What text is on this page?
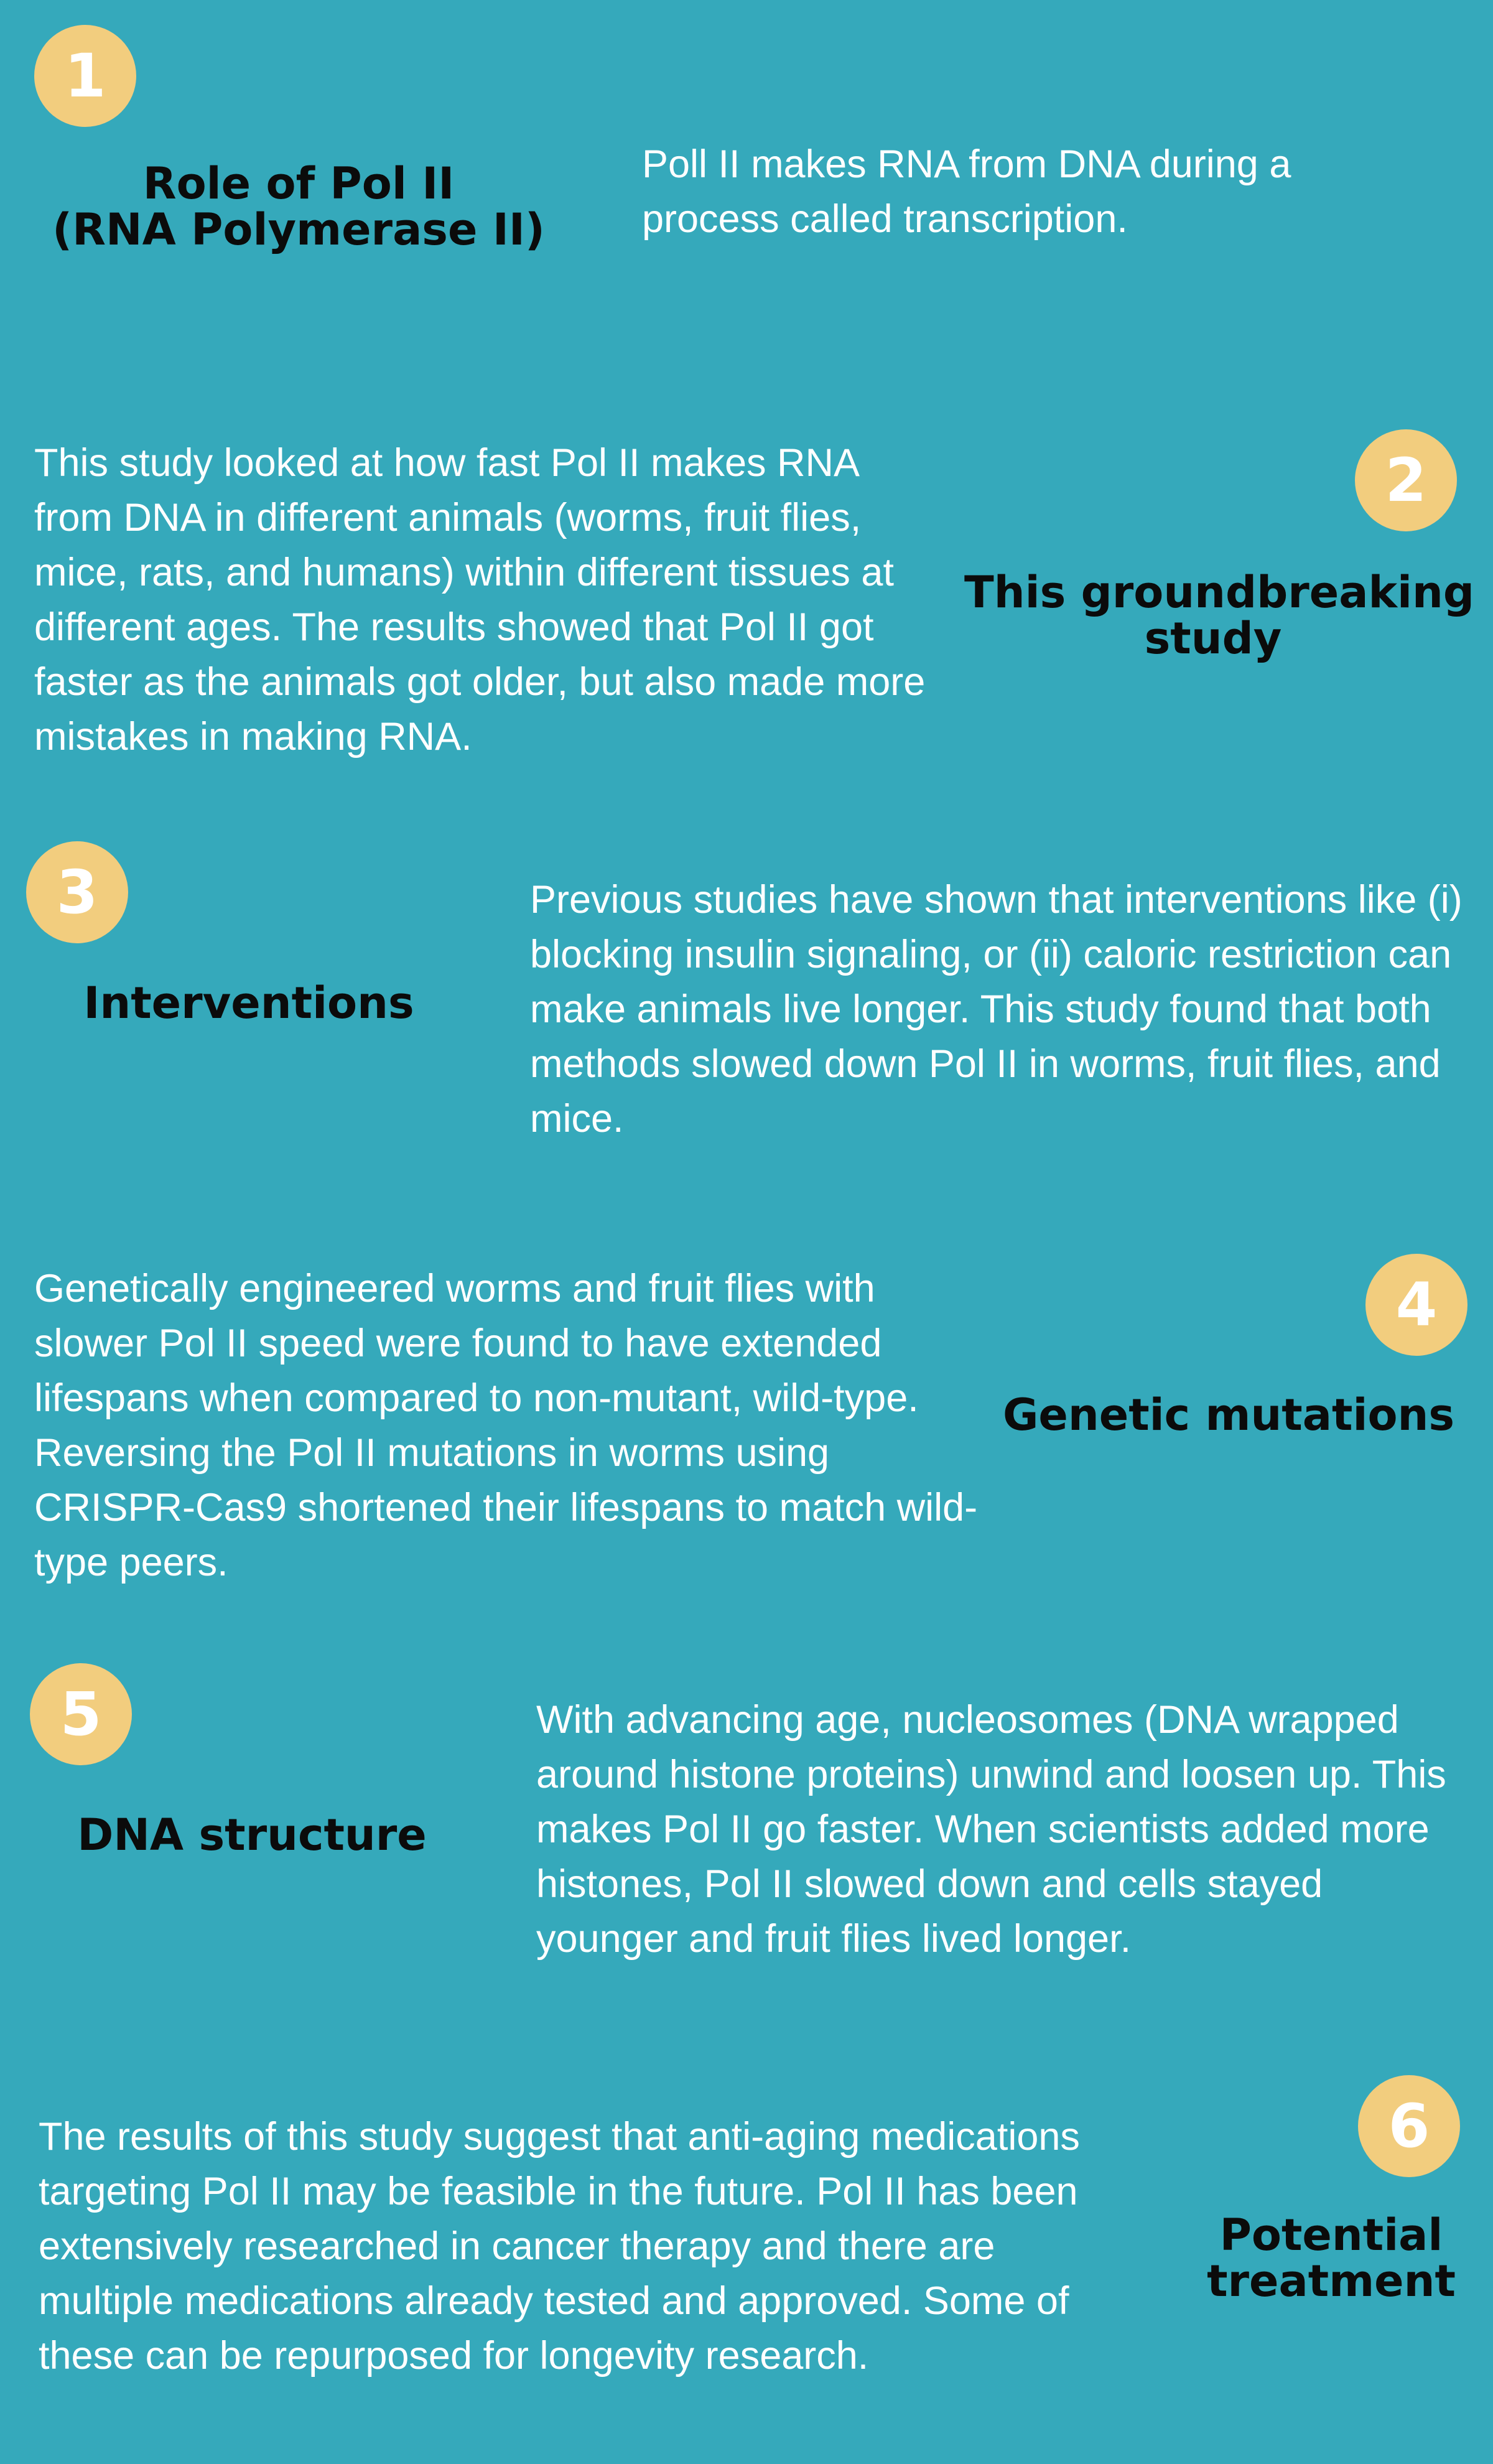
1
Role of Pol II
(RNA Polymerase II)

Poll II makes RNA from DNA during a process called transcription.

2
This groundbreaking
study

This study looked at how fast Pol II makes RNA from DNA in different animals (worms, fruit flies, mice, rats, and humans) within different tissues at different ages. The results showed that Pol II got faster as the animals got older, but also made more mistakes in making RNA.

3
Interventions

Previous studies have shown that interventions like (i) blocking insulin signaling, or (ii) caloric restriction can make animals live longer. This study found that both methods slowed down Pol II in worms, fruit flies, and mice.

4
Genetic mutations

Genetically engineered worms and fruit flies with slower Pol II speed were found to have extended lifespans when compared to non-mutant, wild-type. Reversing the Pol II mutations in worms using CRISPR-Cas9 shortened their lifespans to match wild-type peers.

5
DNA structure

With advancing age, nucleosomes (DNA wrapped around histone proteins) unwind and loosen up. This makes Pol II go faster. When scientists added more histones, Pol II slowed down and cells stayed younger and fruit flies lived longer.

6
Potential
treatment

The results of this study suggest that anti-aging medications targeting Pol II may be feasible in the future. Pol II has been extensively researched in cancer therapy and there are multiple medications already tested and approved. Some of these can be repurposed for longevity research.
